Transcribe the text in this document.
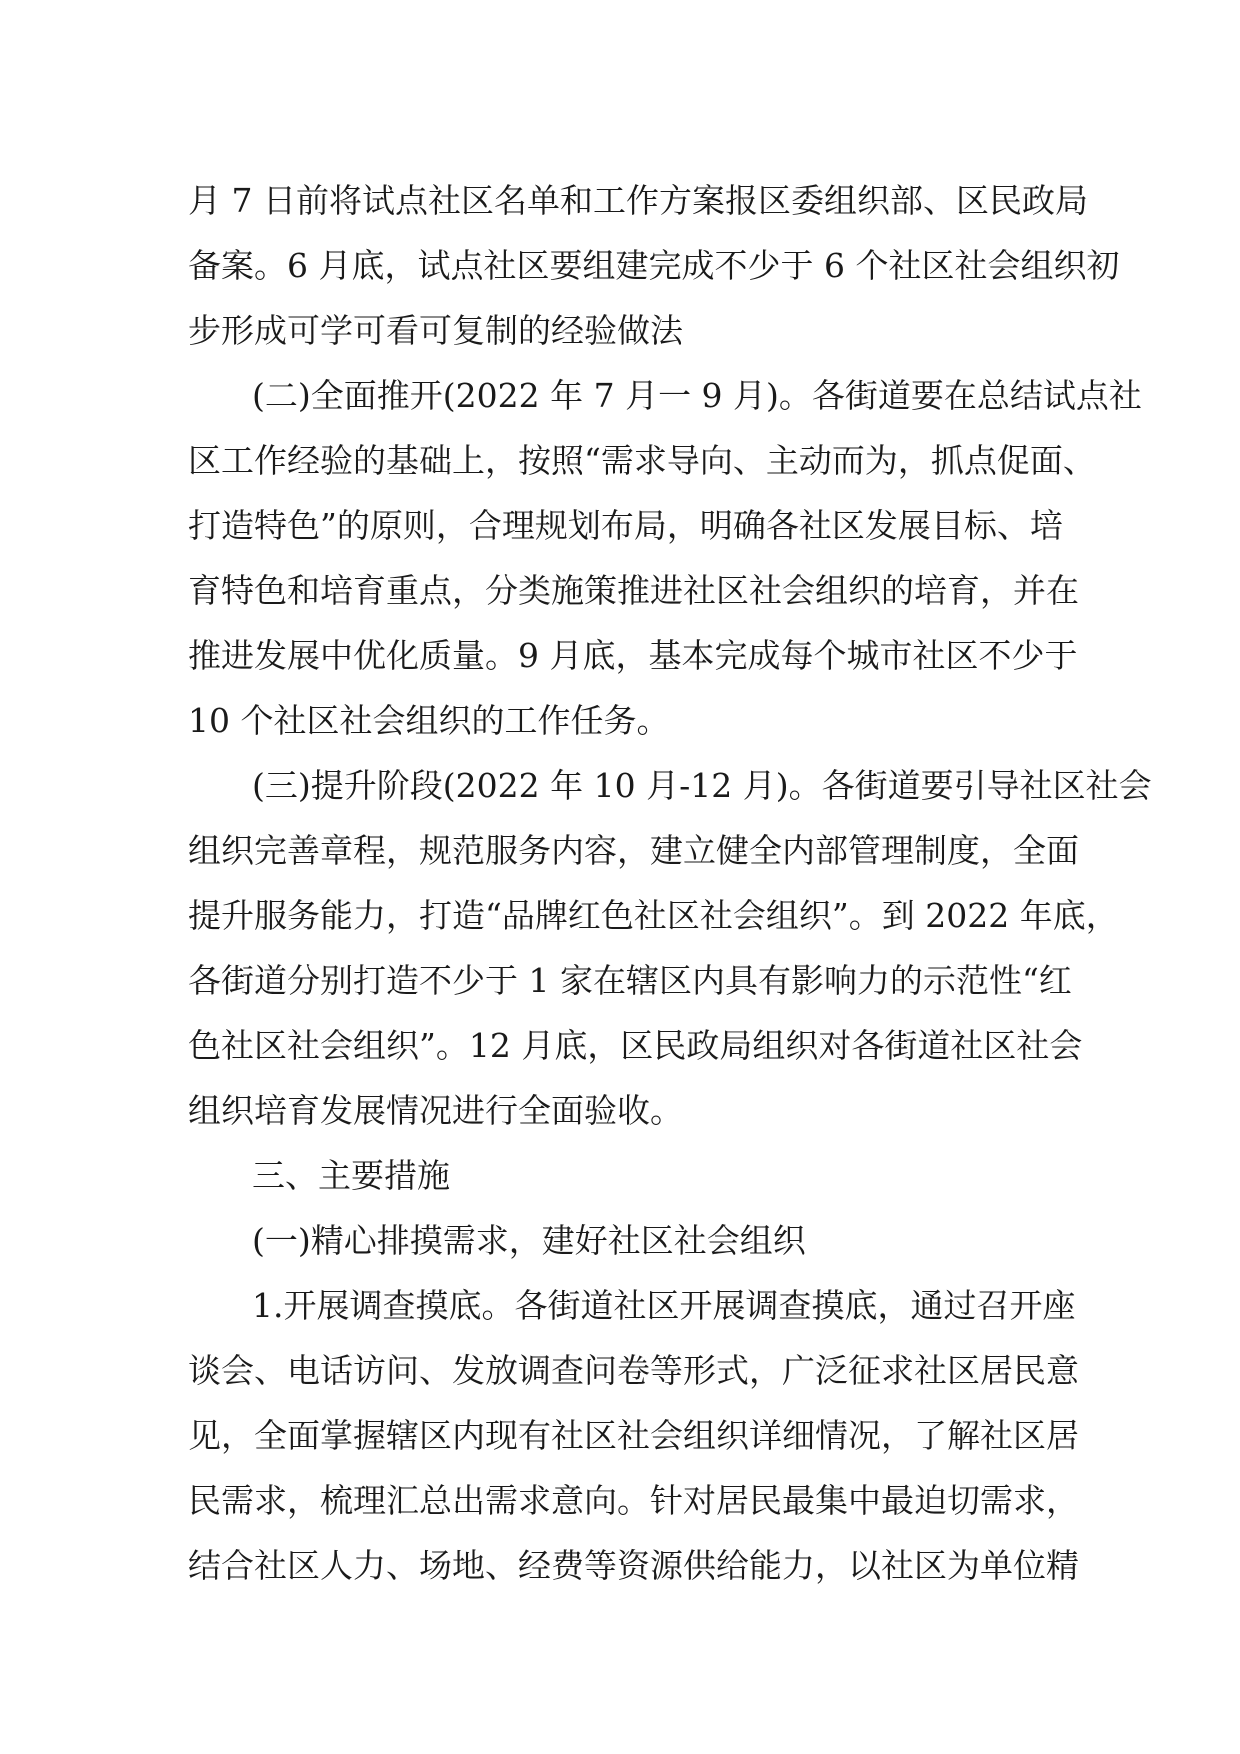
月 7 日前将试点社区名单和工作方案报区委组织部、区民政局
备案。6 月底，试点社区要组建完成不少于 6 个社区社会组织初
步形成可学可看可复制的经验做法
(二)全面推开(2022 年 7 月一 9 月)。各街道要在总结试点社
区工作经验的基础上，按照“需求导向、主动而为，抓点促面、
打造特色”的原则，合理规划布局，明确各社区发展目标、培
育特色和培育重点，分类施策推进社区社会组织的培育，并在
推进发展中优化质量。9 月底，基本完成每个城市社区不少于
10 个社区社会组织的工作任务。
(三)提升阶段(2022 年 10 月-12 月)。各街道要引导社区社会
组织完善章程，规范服务内容，建立健全内部管理制度，全面
提升服务能力，打造“品牌红色社区社会组织”。到 2022 年底，
各街道分别打造不少于 1 家在辖区内具有影响力的示范性“红
色社区社会组织”。12 月底，区民政局组织对各街道社区社会
组织培育发展情况进行全面验收。
三、主要措施
(一)精心排摸需求，建好社区社会组织
1.开展调查摸底。各街道社区开展调查摸底，通过召开座
谈会、电话访问、发放调查问卷等形式，广泛征求社区居民意
见，全面掌握辖区内现有社区社会组织详细情况，了解社区居
民需求，梳理汇总出需求意向。针对居民最集中最迫切需求，
结合社区人力、场地、经费等资源供给能力，以社区为单位精
